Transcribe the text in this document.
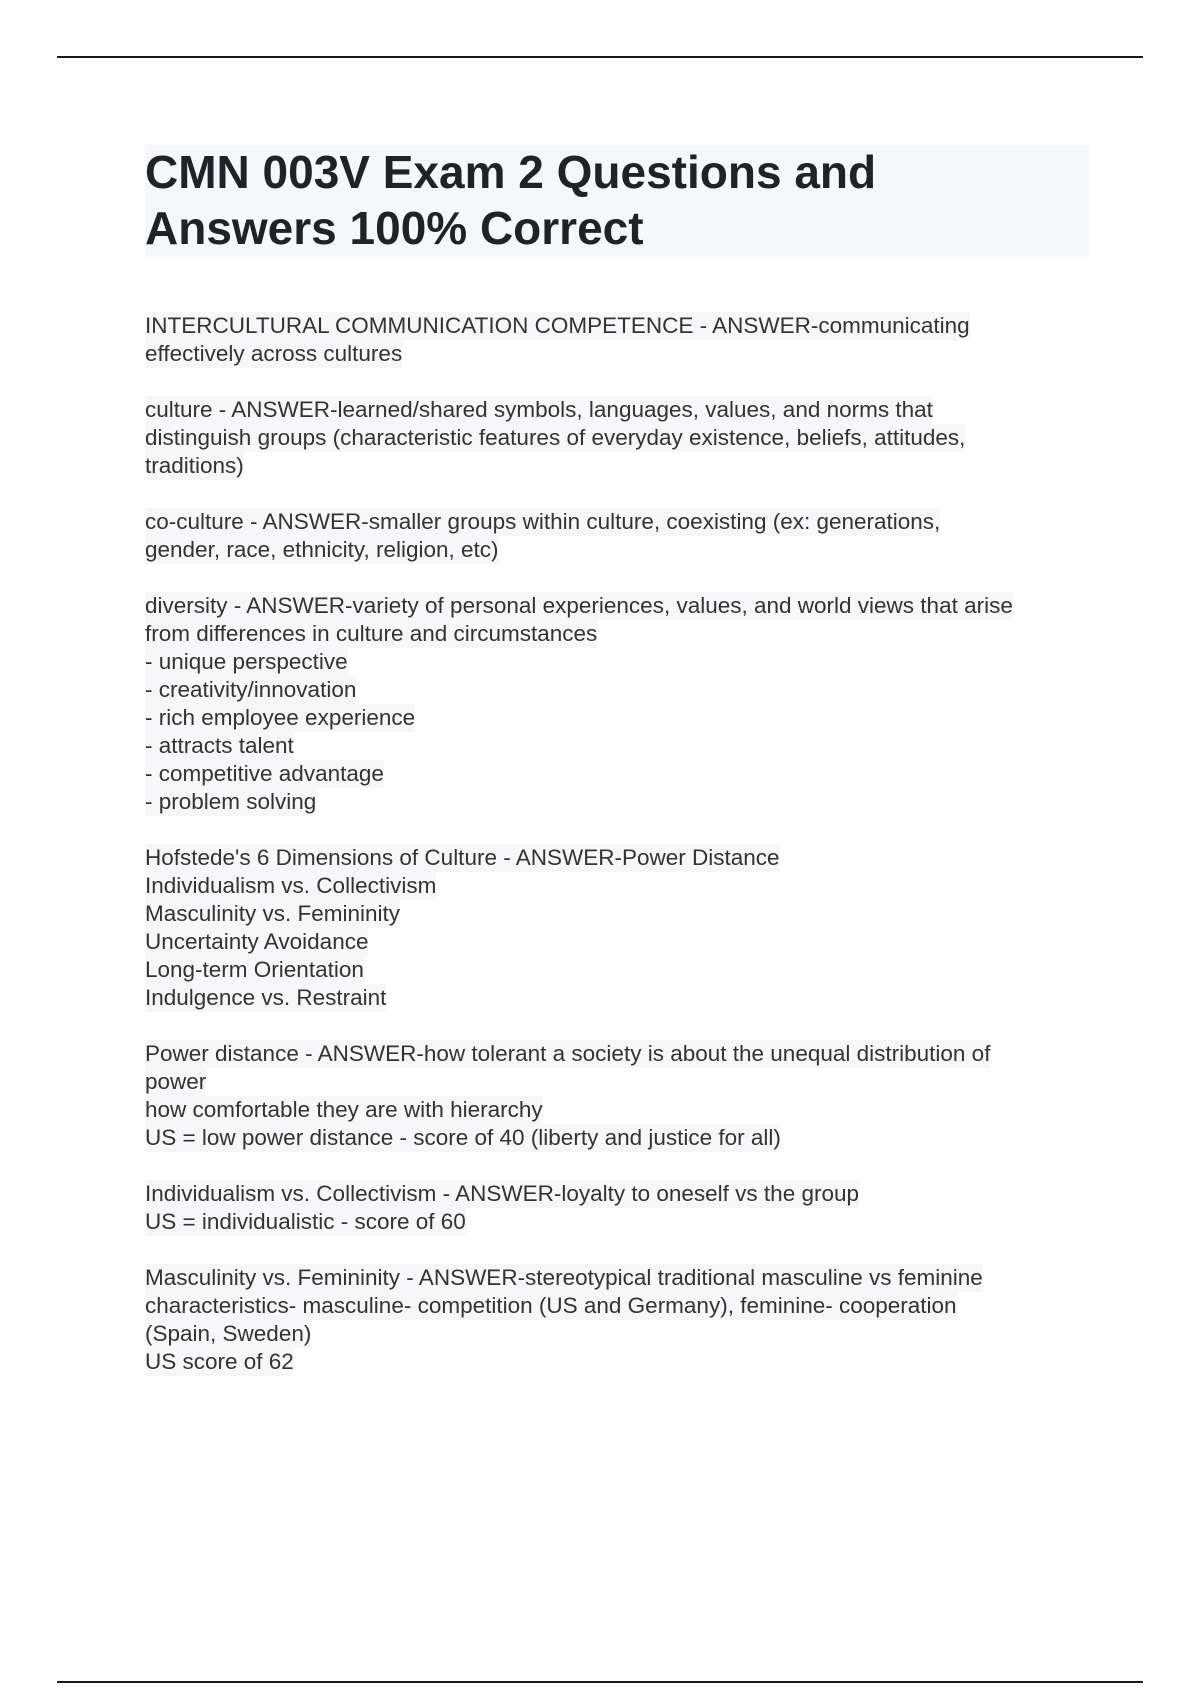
CMN 003V Exam 2 Questions and
Answers 100% Correct
INTERCULTURAL COMMUNICATION COMPETENCE - ANSWER-communicating
effectively across cultures
culture - ANSWER-learned/shared symbols, languages, values, and norms that
distinguish groups (characteristic features of everyday existence, beliefs, attitudes,
traditions)
co-culture - ANSWER-smaller groups within culture, coexisting (ex: generations,
gender, race, ethnicity, religion, etc)
diversity - ANSWER-variety of personal experiences, values, and world views that arise
from differences in culture and circumstances
- unique perspective
- creativity/innovation
- rich employee experience
- attracts talent
- competitive advantage
- problem solving
Hofstede's 6 Dimensions of Culture - ANSWER-Power Distance
Individualism vs. Collectivism
Masculinity vs. Femininity
Uncertainty Avoidance
Long-term Orientation
Indulgence vs. Restraint
Power distance - ANSWER-how tolerant a society is about the unequal distribution of
power
how comfortable they are with hierarchy
US = low power distance - score of 40 (liberty and justice for all)
Individualism vs. Collectivism - ANSWER-loyalty to oneself vs the group
US = individualistic - score of 60
Masculinity vs. Femininity - ANSWER-stereotypical traditional masculine vs feminine
characteristics- masculine- competition (US and Germany), feminine- cooperation
(Spain, Sweden)
US score of 62
